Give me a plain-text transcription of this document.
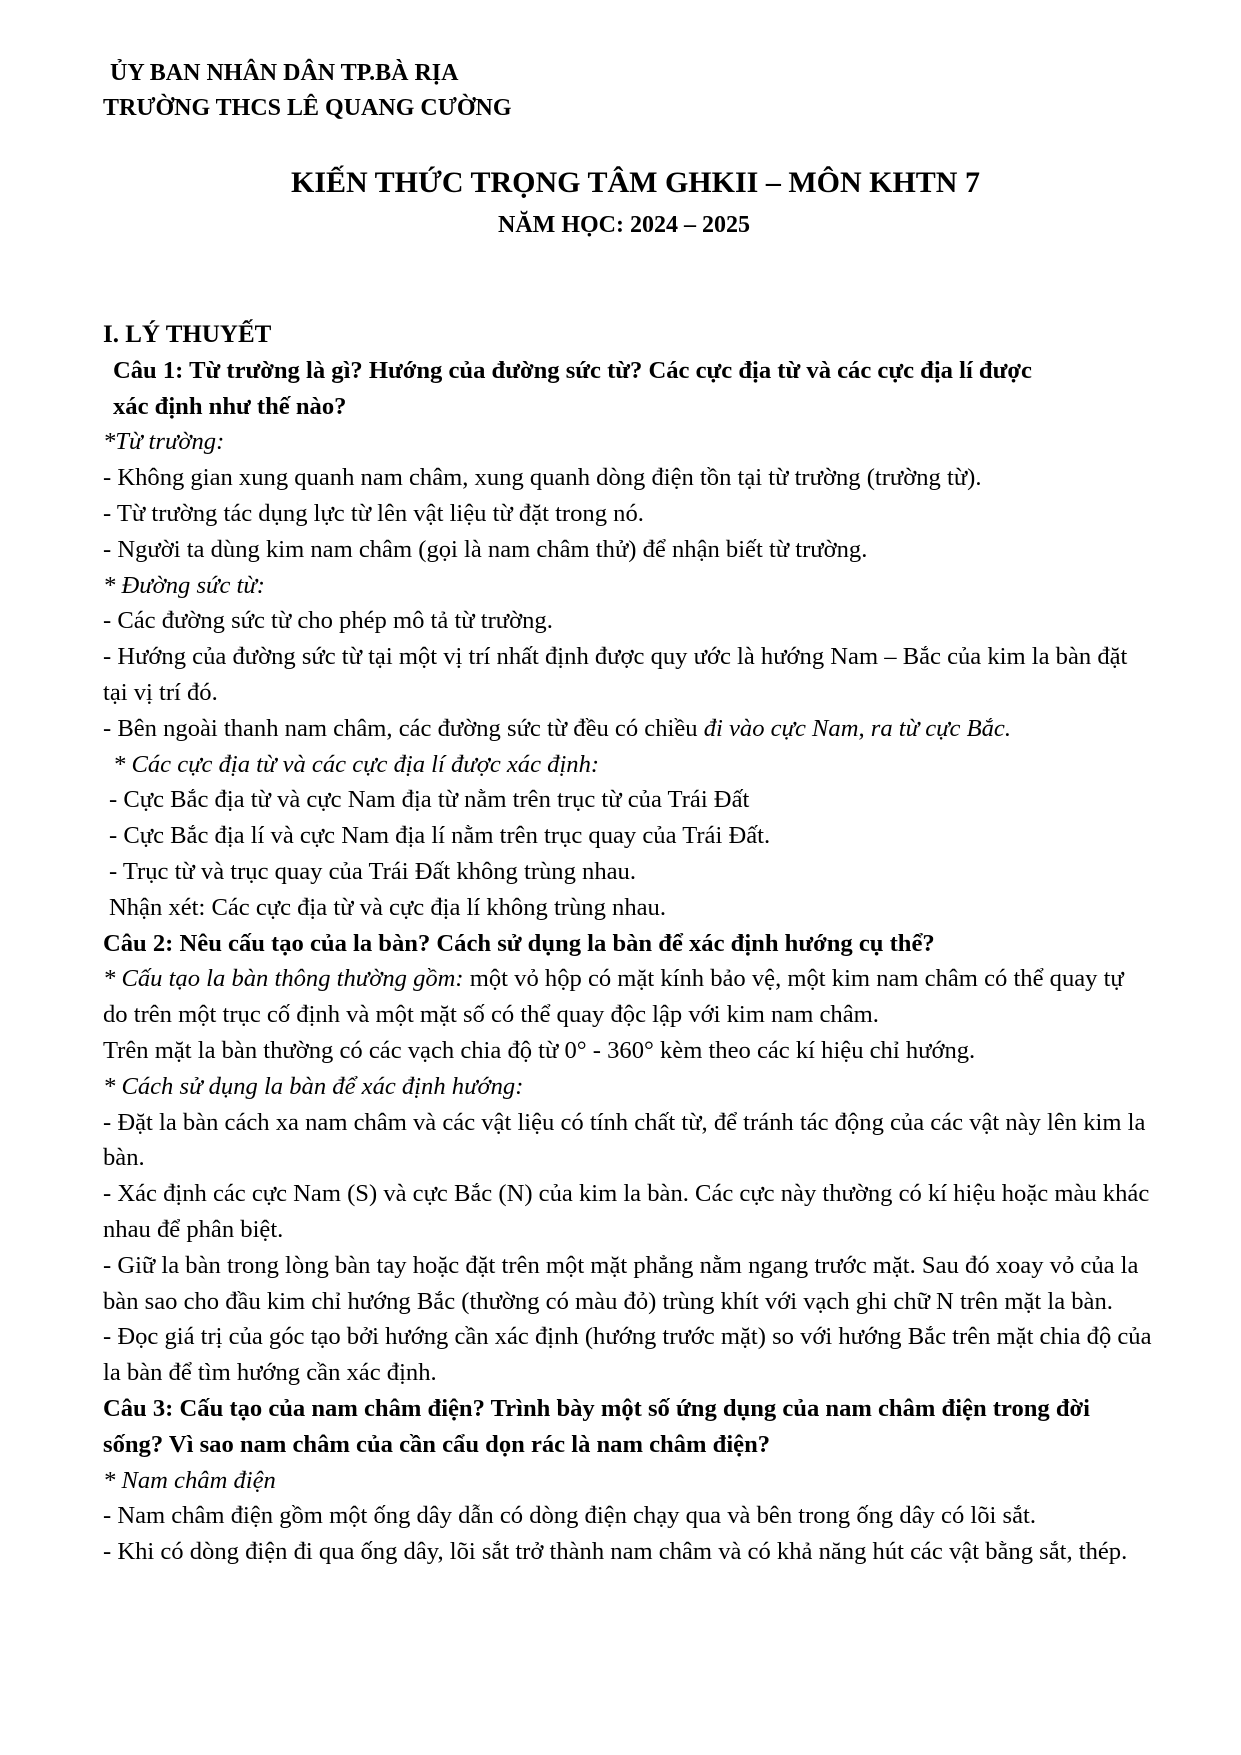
ỦY BAN NHÂN DÂN TP.BÀ RỊA
TRƯỜNG THCS LÊ QUANG CƯỜNG
KIẾN THỨC TRỌNG TÂM GHKII – MÔN KHTN 7
NĂM HỌC: 2024 – 2025

I. LÝ THUYẾT

Câu 1: Từ trường là gì? Hướng của đường sức từ? Các cực địa từ và các cực địa lí được
xác định như thế nào?

*Từ trường:

- Không gian xung quanh nam châm, xung quanh dòng điện tồn tại từ trường (trường từ).

- Từ trường tác dụng lực từ lên vật liệu từ đặt trong nó.

- Người ta dùng kim nam châm (gọi là nam châm thử) để nhận biết từ trường.

* Đường sức từ:

- Các đường sức từ cho phép mô tả từ trường.

- Hướng của đường sức từ tại một vị trí nhất định được quy ước là hướng Nam – Bắc của kim la bàn đặt tại vị trí đó.

- Bên ngoài thanh nam châm, các đường sức từ đều có chiều đi vào cực Nam, ra từ cực Bắc.

* Các cực địa từ và các cực địa lí được xác định:

- Cực Bắc địa từ và cực Nam địa từ nằm trên trục từ của Trái Đất

- Cực Bắc địa lí và cực Nam địa lí nằm trên trục quay của Trái Đất.

- Trục từ và trục quay của Trái Đất không trùng nhau.

Nhận xét: Các cực địa từ và cực địa lí không trùng nhau.

Câu 2: Nêu cấu tạo của la bàn? Cách sử dụng la bàn để xác định hướng cụ thể?

* Cấu tạo la bàn thông thường gồm: một vỏ hộp có mặt kính bảo vệ, một kim nam châm có thể quay tự do trên một trục cố định và một mặt số có thể quay độc lập với kim nam châm.

Trên mặt la bàn thường có các vạch chia độ từ 0° - 360° kèm theo các kí hiệu chỉ hướng.

* Cách sử dụng la bàn để xác định hướng:

- Đặt la bàn cách xa nam châm và các vật liệu có tính chất từ, để tránh tác động của các vật này lên kim la bàn.

- Xác định các cực Nam (S) và cực Bắc (N) của kim la bàn. Các cực này thường có kí hiệu hoặc màu khác nhau để phân biệt.

- Giữ la bàn trong lòng bàn tay hoặc đặt trên một mặt phẳng nằm ngang trước mặt. Sau đó xoay vỏ của la bàn sao cho đầu kim chỉ hướng Bắc (thường có màu đỏ) trùng khít với vạch ghi chữ N trên mặt la bàn.

- Đọc giá trị của góc tạo bởi hướng cần xác định (hướng trước mặt) so với hướng Bắc trên mặt chia độ của la bàn để tìm hướng cần xác định.

Câu 3: Cấu tạo của nam châm điện? Trình bày một số ứng dụng của nam châm điện trong đời sống? Vì sao nam châm của cần cẩu dọn rác là nam châm điện?

* Nam châm điện

- Nam châm điện gồm một ống dây dẫn có dòng điện chạy qua và bên trong ống dây có lõi sắt.

- Khi có dòng điện đi qua ống dây, lõi sắt trở thành nam châm và có khả năng hút các vật bằng sắt, thép.
